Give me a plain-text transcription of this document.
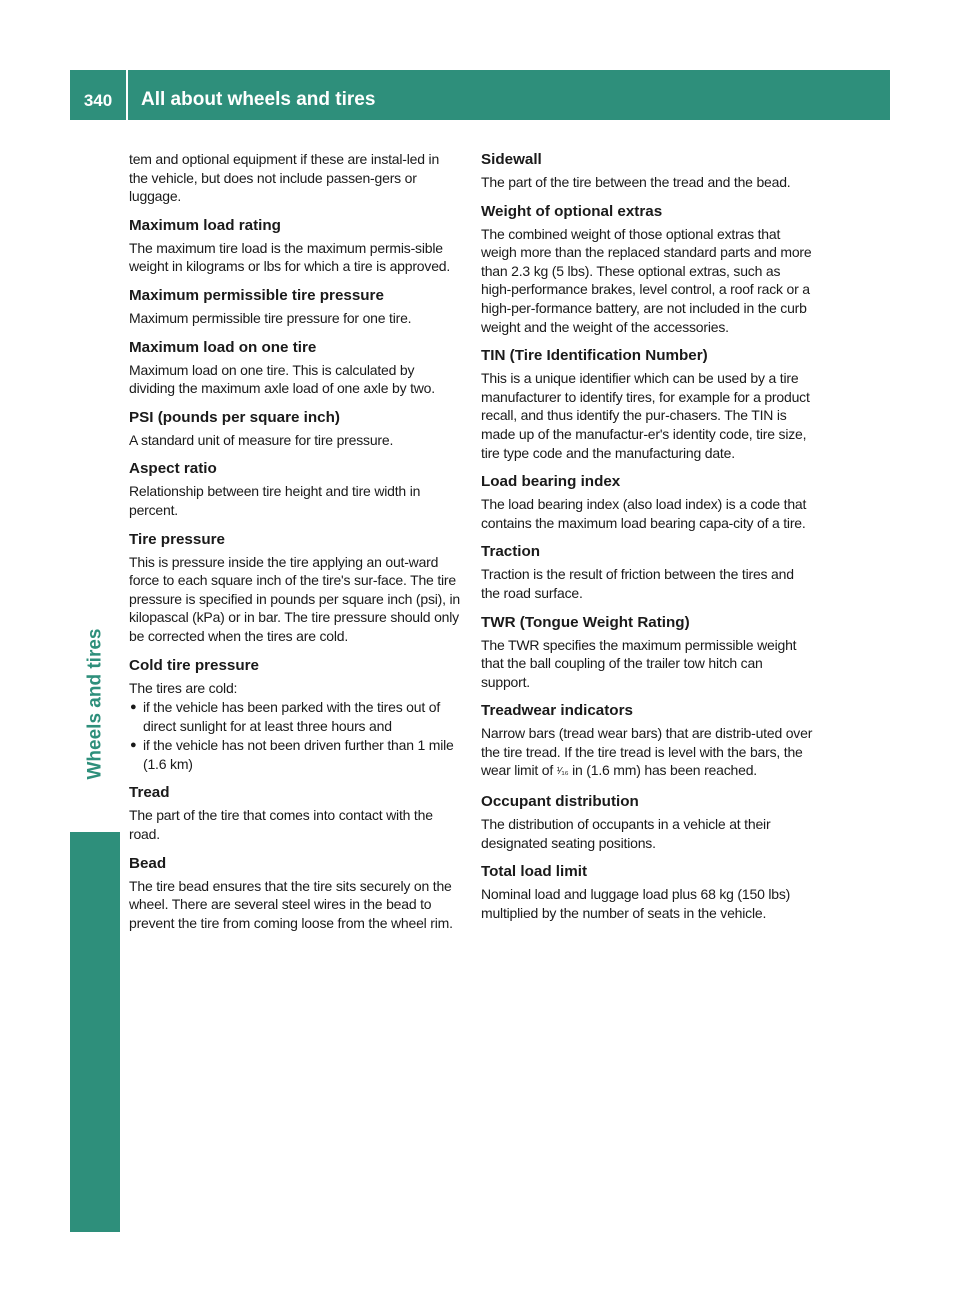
340	All about wheels and tires
Wheels and tires

tem and optional equipment if these are instal-led in the vehicle, but does not include passen-gers or luggage.

Maximum load rating

The maximum tire load is the maximum permis-sible weight in kilograms or lbs for which a tire is approved.

Maximum permissible tire pressure

Maximum permissible tire pressure for one tire.

Maximum load on one tire

Maximum load on one tire. This is calculated by dividing the maximum axle load of one axle by two.

PSI (pounds per square inch)

A standard unit of measure for tire pressure.

Aspect ratio

Relationship between tire height and tire width in percent.

Tire pressure

This is pressure inside the tire applying an out-ward force to each square inch of the tire's sur-face. The tire pressure is specified in pounds per square inch (psi), in kilopascal (kPa) or in bar. The tire pressure should only be corrected when the tires are cold.

Cold tire pressure

The tires are cold:

● if the vehicle has been parked with the tires out of direct sunlight for at least three hours and
● if the vehicle has not been driven further than 1 mile (1.6 km)
Tread

The part of the tire that comes into contact with the road.

Bead

The tire bead ensures that the tire sits securely on the wheel. There are several steel wires in the bead to prevent the tire from coming loose from the wheel rim.

Sidewall

The part of the tire between the tread and the bead.

Weight of optional extras

The combined weight of those optional extras that weigh more than the replaced standard parts and more than 2.3 kg (5 lbs). These optional extras, such as high-performance brakes, level control, a roof rack or a high-per-formance battery, are not included in the curb weight and the weight of the accessories.

TIN (Tire Identification Number)

This is a unique identifier which can be used by a tire manufacturer to identify tires, for example for a product recall, and thus identify the pur-chasers. The TIN is made up of the manufactur-er's identity code, tire size, tire type code and the manufacturing date.

Load bearing index

The load bearing index (also load index) is a code that contains the maximum load bearing capa-city of a tire.

Traction

Traction is the result of friction between the tires and the road surface.

TWR (Tongue Weight Rating)

The TWR specifies the maximum permissible weight that the ball coupling of the trailer tow hitch can support.

Treadwear indicators

Narrow bars (tread wear bars) that are distrib-uted over the tire tread. If the tire tread is level with the bars, the wear limit of ¹⁄₁₆ in (1.6 mm) has been reached.

Occupant distribution

The distribution of occupants in a vehicle at their designated seating positions.

Total load limit

Nominal load and luggage load plus 68 kg (150 lbs) multiplied by the number of seats in the vehicle.
